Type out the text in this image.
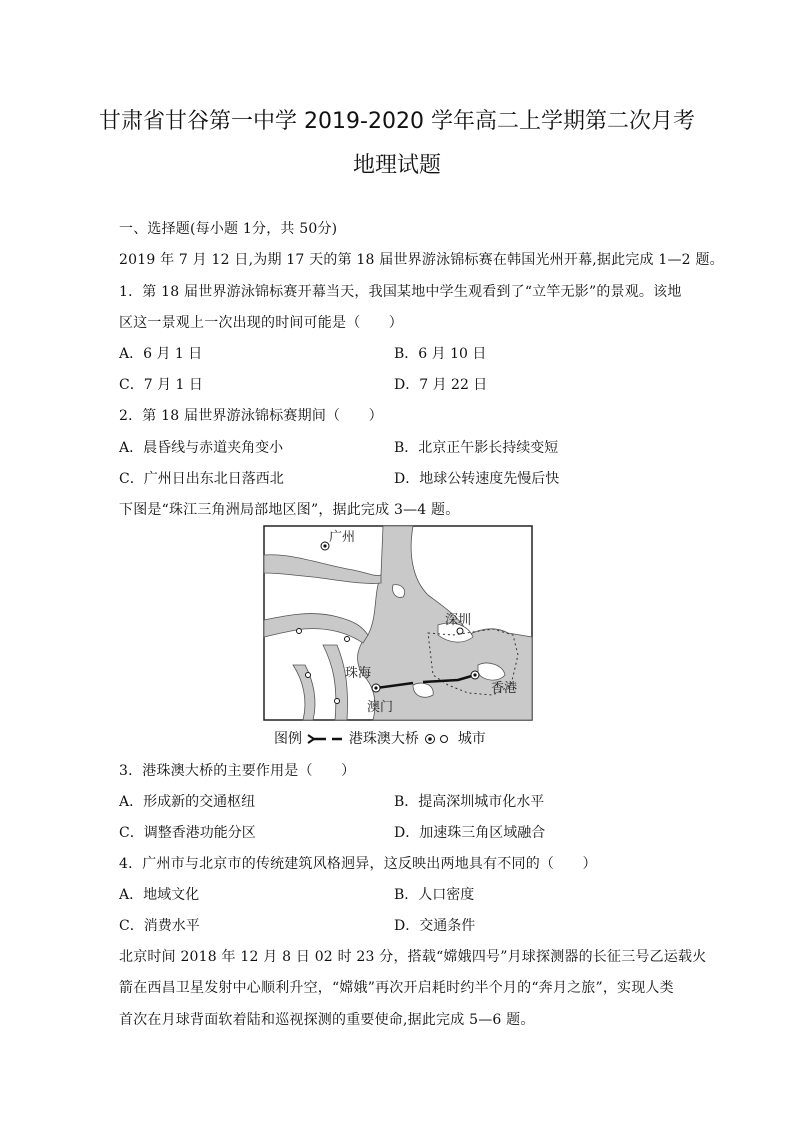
甘肃省甘谷第一中学 2019-2020 学年高二上学期第二次月考
地理试题
一、选择题(每小题 1分，共 50分)
2019 年 7 月 12 日,为期 17 天的第 18 届世界游泳锦标赛在韩国光州开幕,据此完成 1—2 题。
1．第 18 届世界游泳锦标赛开幕当天，我国某地中学生观看到了“立竿无影”的景观。该地
区这一景观上一次出现的时间可能是（　　）
A．6 月 1 日	B．6 月 10 日
C．7 月 1 日	D．7 月 22 日
2．第 18 届世界游泳锦标赛期间（　　）
A．晨昏线与赤道夹角变小	B．北京正午影长持续变短
C．广州日出东北日落西北	D．地球公转速度先慢后快
下图是“珠江三角洲局部地区图”，据此完成 3—4 题。
广州
深圳
珠海
澳门
香港
图例	港珠澳大桥	城市
3．港珠澳大桥的主要作用是（　　）
A．形成新的交通枢纽	B．提高深圳城市化水平
C．调整香港功能分区	D．加速珠三角区域融合
4．广州市与北京市的传统建筑风格迥异，这反映出两地具有不同的（　　）
A．地域文化	B．人口密度
C．消费水平	D．交通条件
北京时间 2018 年 12 月 8 日 02 时 23 分，搭载“嫦娥四号”月球探测器的长征三号乙运载火
箭在西昌卫星发射中心顺利升空，“嫦娥”再次开启耗时约半个月的“奔月之旅”，实现人类
首次在月球背面软着陆和巡视探测的重要使命,据此完成 5—6 题。
